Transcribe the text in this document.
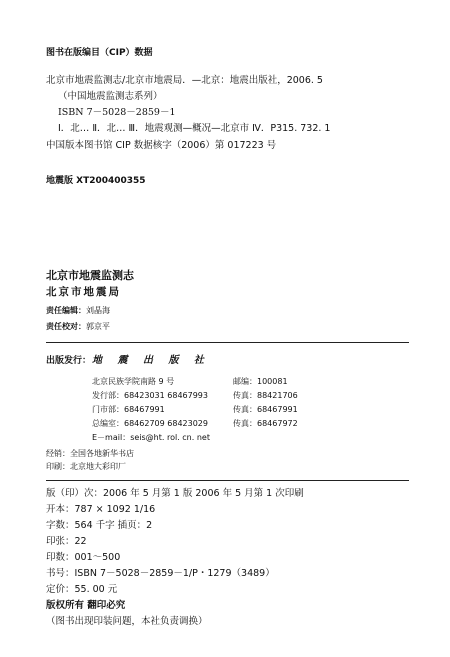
图书在版编目（CIP）数据
北京市地震监测志/北京市地震局．—北京：地震出版社，2006. 5
（中国地震监测志系列）
ISBN 7－5028－2859－1
Ⅰ．北… Ⅱ．北… Ⅲ．地震观测—概况—北京市 Ⅳ．P315. 732. 1
中国版本图书馆 CIP 数据核字（2006）第 017223 号
地震版 XT200400355
北京市地震监测志
北京市地震局
责任编辑：刘晶海
责任校对：郭京平
出版发行： 地 震 出 版 社
北京民族学院南路 9 号	邮编：100081
发行部：68423031 68467993	传真：88421706
门市部：68467991	传真：68467991
总编室：68462709 68423029	传真：68467972
E－mail：seis@ht. rol. cn. net
经销：全国各地新华书店
印刷：北京地大彩印厂
版（印）次：2006 年 5 月第 1 版 2006 年 5 月第 1 次印刷
开本：787 × 1092 1/16
字数：564 千字 插页：2
印张：22
印数：001～500
书号：ISBN 7－5028－2859－1/P・1279（3489）
定价：55. 00 元
版权所有 翻印必究
（图书出现印装问题，本社负责调换）
